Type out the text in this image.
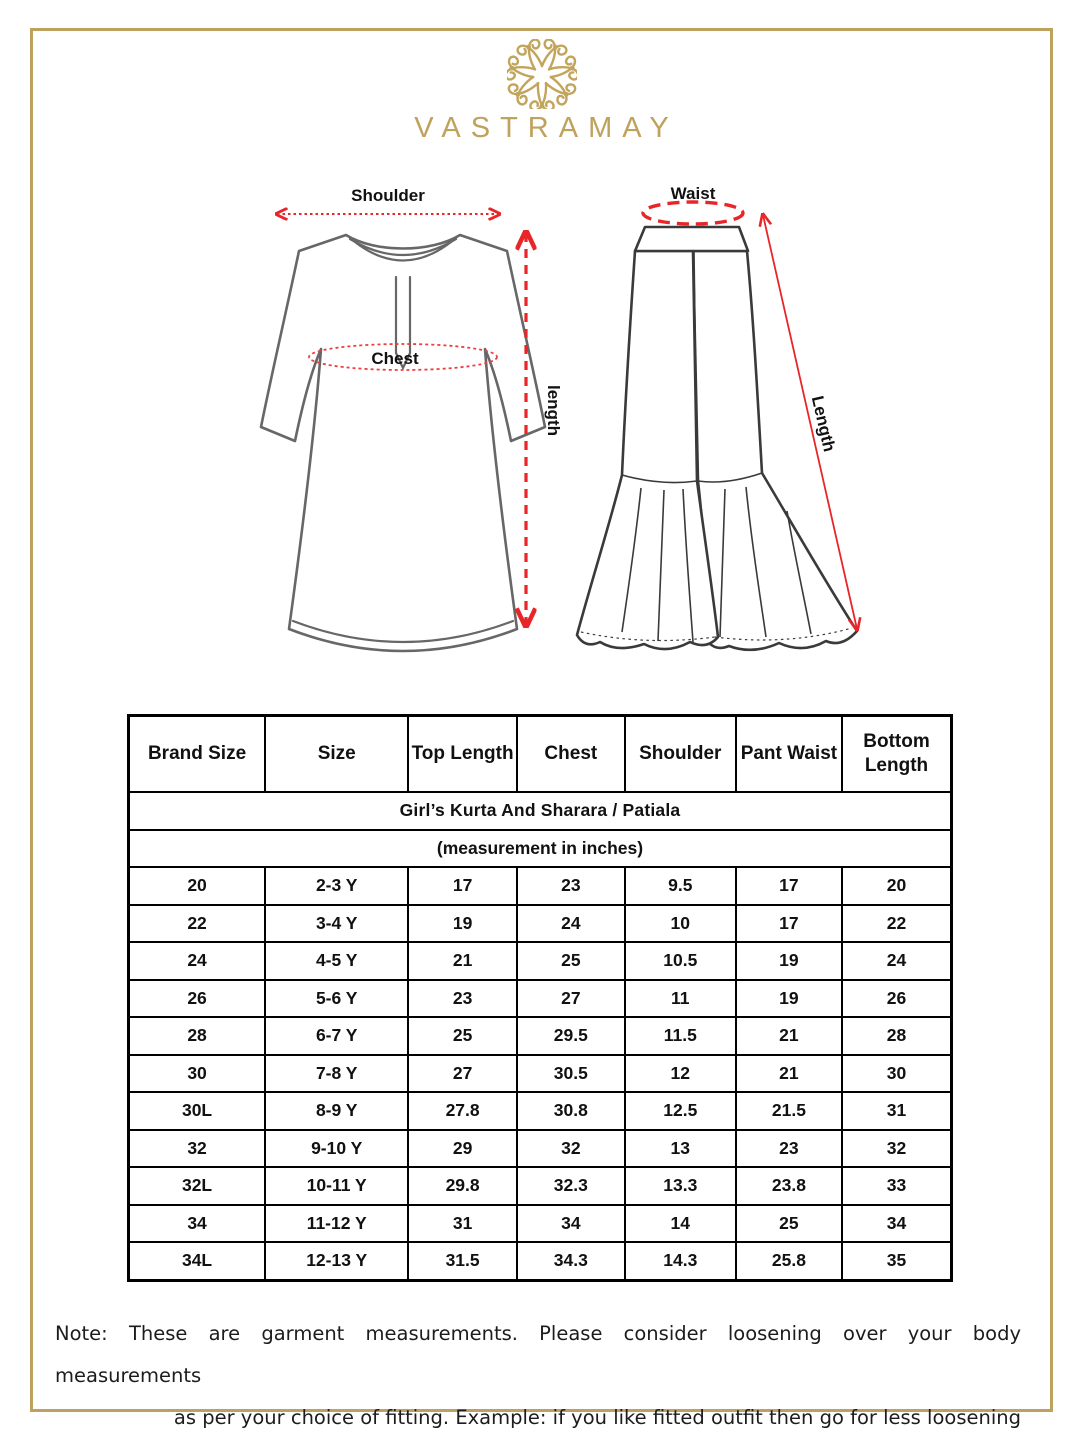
VASTRAMAY
Shoulder
Chest
length
Waist
Length
Girl’s Kurta And Sharara / Patiala						
(measurement in inches)						
Brand Size	Size	Top Length	Chest	Shoulder	Pant Waist	Bottom Length
20	2-3 Y	17	23	9.5	17	20
22	3-4 Y	19	24	10	17	22
24	4-5 Y	21	25	10.5	19	24
26	5-6 Y	23	27	11	19	26
28	6-7 Y	25	29.5	11.5	21	28
30	7-8 Y	27	30.5	12	21	30
30L	8-9 Y	27.8	30.8	12.5	21.5	31
32	9-10 Y	29	32	13	23	32
32L	10-11 Y	29.8	32.3	13.3	23.8	33
34	11-12 Y	31	34	14	25	34
34L	12-13 Y	31.5	34.3	14.3	25.8	35
Note: These are garment measurements. Please consider loosening over your body measurements
as per your choice of fitting. Example: if you like fitted outfit then go for less loosening
